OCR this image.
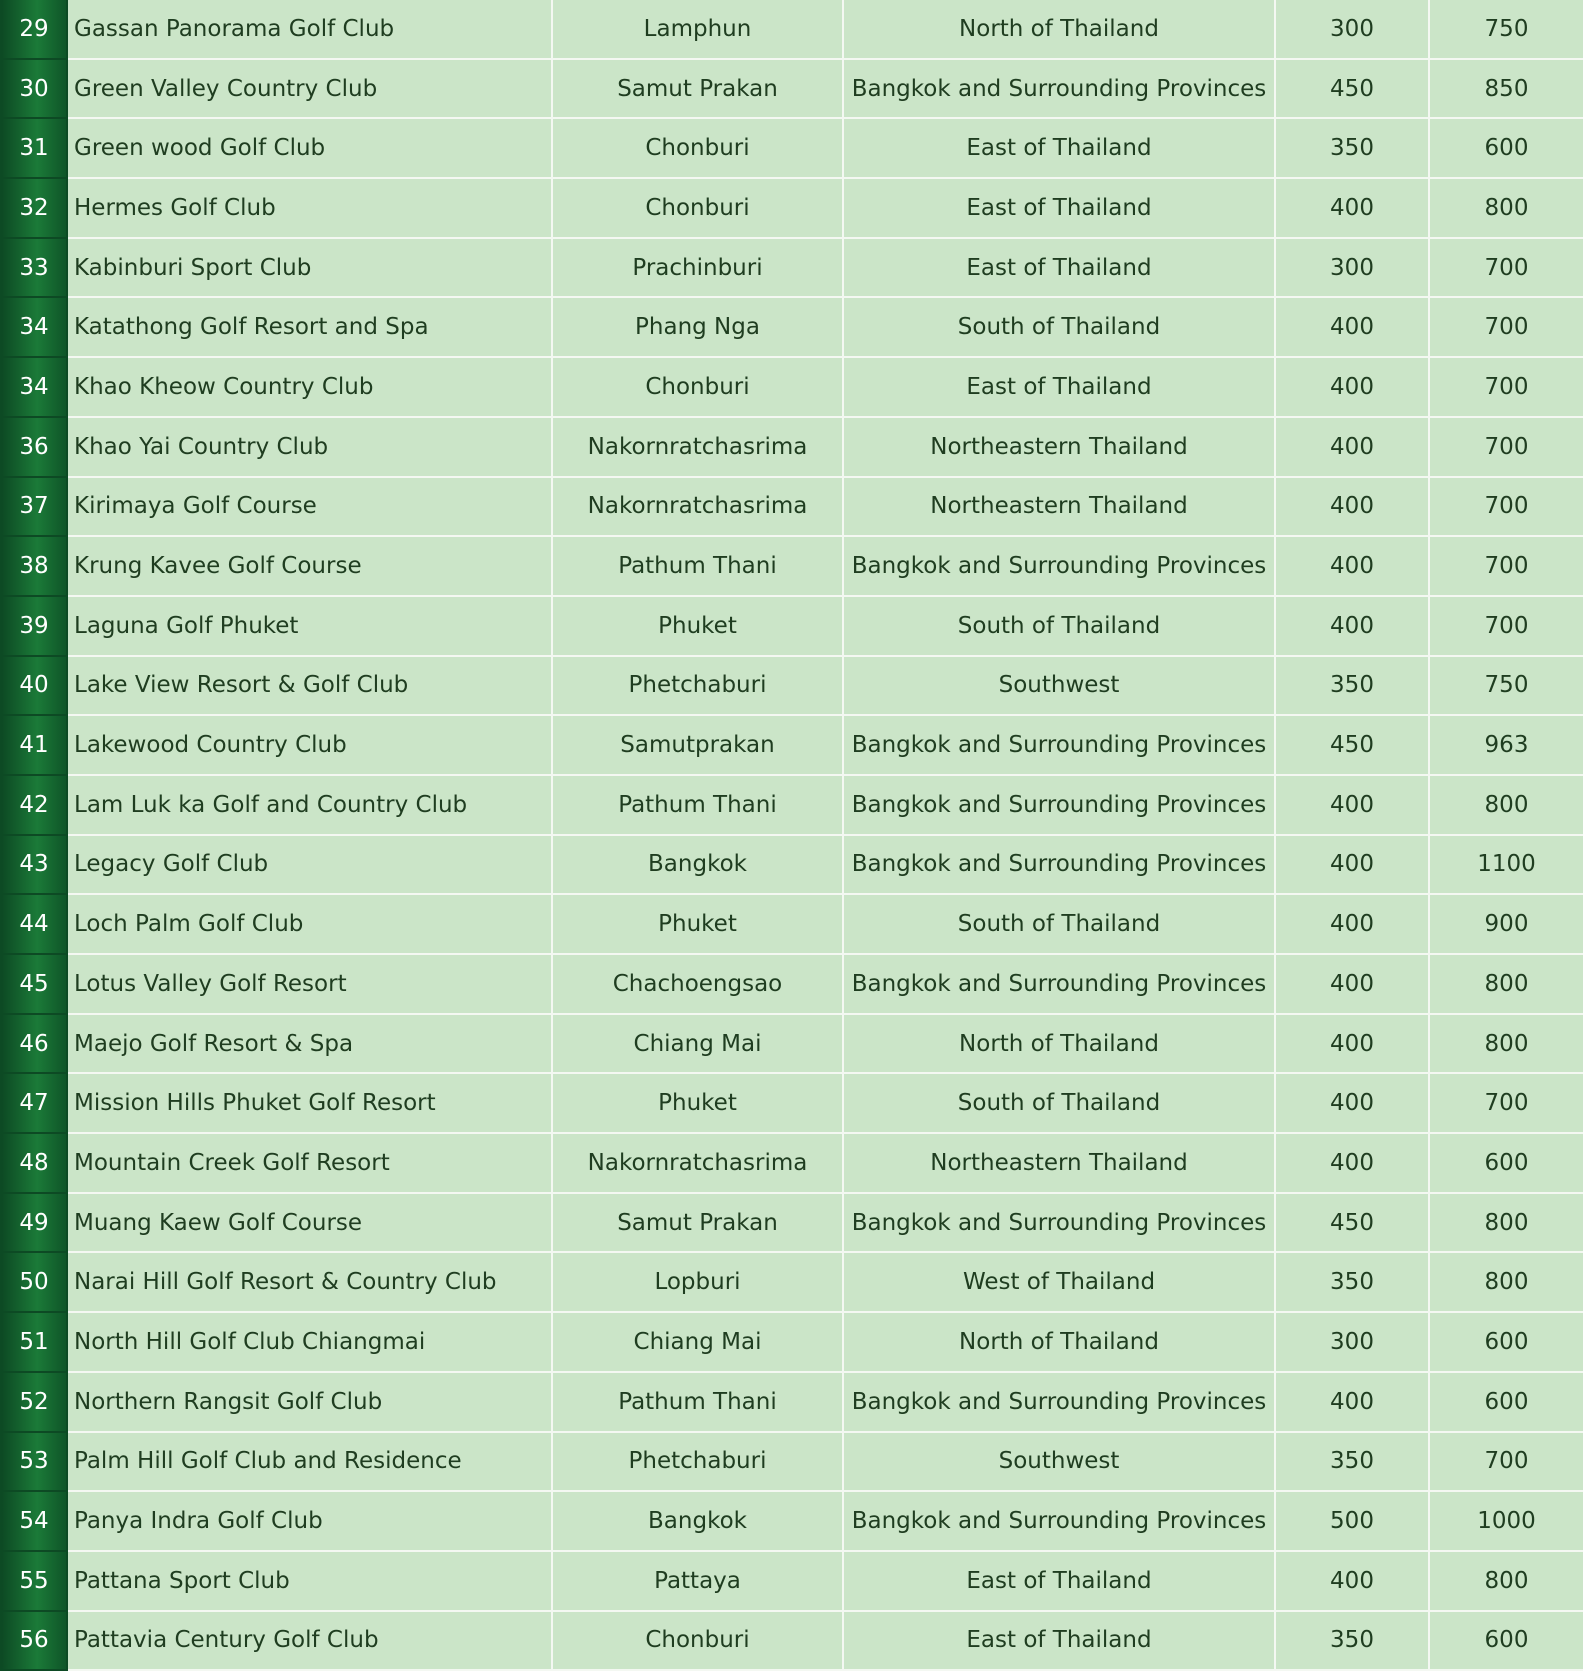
29	Gassan Panorama Golf Club	Lamphun	North of Thailand	300	750
30	Green Valley Country Club	Samut Prakan	Bangkok and Surrounding Provinces	450	850
31	Green wood Golf Club	Chonburi	East of Thailand	350	600
32	Hermes Golf Club	Chonburi	East of Thailand	400	800
33	Kabinburi Sport Club	Prachinburi	East of Thailand	300	700
34	Katathong Golf Resort and Spa	Phang Nga	South of Thailand	400	700
34	Khao Kheow Country Club	Chonburi	East of Thailand	400	700
36	Khao Yai Country Club	Nakornratchasrima	Northeastern Thailand	400	700
37	Kirimaya Golf Course	Nakornratchasrima	Northeastern Thailand	400	700
38	Krung Kavee Golf Course	Pathum Thani	Bangkok and Surrounding Provinces	400	700
39	Laguna Golf Phuket	Phuket	South of Thailand	400	700
40	Lake View Resort & Golf Club	Phetchaburi	Southwest	350	750
41	Lakewood Country Club	Samutprakan	Bangkok and Surrounding Provinces	450	963
42	Lam Luk ka Golf and Country Club	Pathum Thani	Bangkok and Surrounding Provinces	400	800
43	Legacy Golf Club	Bangkok	Bangkok and Surrounding Provinces	400	1100
44	Loch Palm Golf Club	Phuket	South of Thailand	400	900
45	Lotus Valley Golf Resort	Chachoengsao	Bangkok and Surrounding Provinces	400	800
46	Maejo Golf Resort & Spa	Chiang Mai	North of Thailand	400	800
47	Mission Hills Phuket Golf Resort	Phuket	South of Thailand	400	700
48	Mountain Creek Golf Resort	Nakornratchasrima	Northeastern Thailand	400	600
49	Muang Kaew Golf Course	Samut Prakan	Bangkok and Surrounding Provinces	450	800
50	Narai Hill Golf Resort & Country Club	Lopburi	West of Thailand	350	800
51	North Hill Golf Club Chiangmai	Chiang Mai	North of Thailand	300	600
52	Northern Rangsit Golf Club	Pathum Thani	Bangkok and Surrounding Provinces	400	600
53	Palm Hill Golf Club and Residence	Phetchaburi	Southwest	350	700
54	Panya Indra Golf Club	Bangkok	Bangkok and Surrounding Provinces	500	1000
55	Pattana Sport Club	Pattaya	East of Thailand	400	800
56	Pattavia Century Golf Club	Chonburi	East of Thailand	350	600
